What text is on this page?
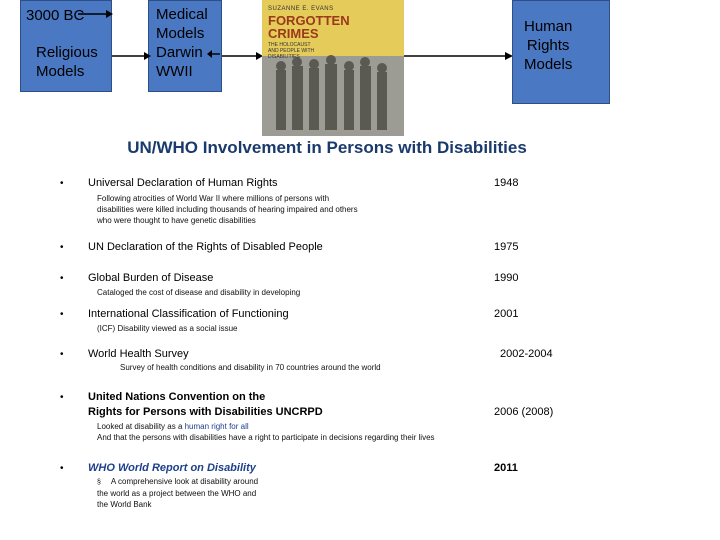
3000 BC
Religious
Models
Medical
Models
Darwin
WWII
Human
Rights
Models
SUZANNE E. EVANS
FORGOTTEN
CRIMES
THE HOLOCAUST
AND PEOPLE WITH
DISABILITIES
UN/WHO Involvement in Persons with Disabilities
• Universal Declaration of Human Rights	1948
Following atrocities of World War II where millions of persons with
disabilities were killed including thousands of hearing impaired and others
who were thought to have genetic disabilities
• UN Declaration of the Rights of Disabled People	1975
• Global Burden of Disease	1990
Cataloged the cost of disease and disability in developing
• International Classification of Functioning	2001
(ICF) Disability viewed as a social issue
• World Health Survey	2002-2004
Survey of health conditions and disability in 70 countries around the world
• United Nations Convention on the
Rights for Persons with Disabilities UNCRPD	2006 (2008)
Looked at disability as a human right for all
And that the persons with disabilities have a right to participate in decisions regarding their lives
• WHO World Report on Disability	2011
§ A comprehensive look at disability around
the world as a project between the WHO and
the World Bank
